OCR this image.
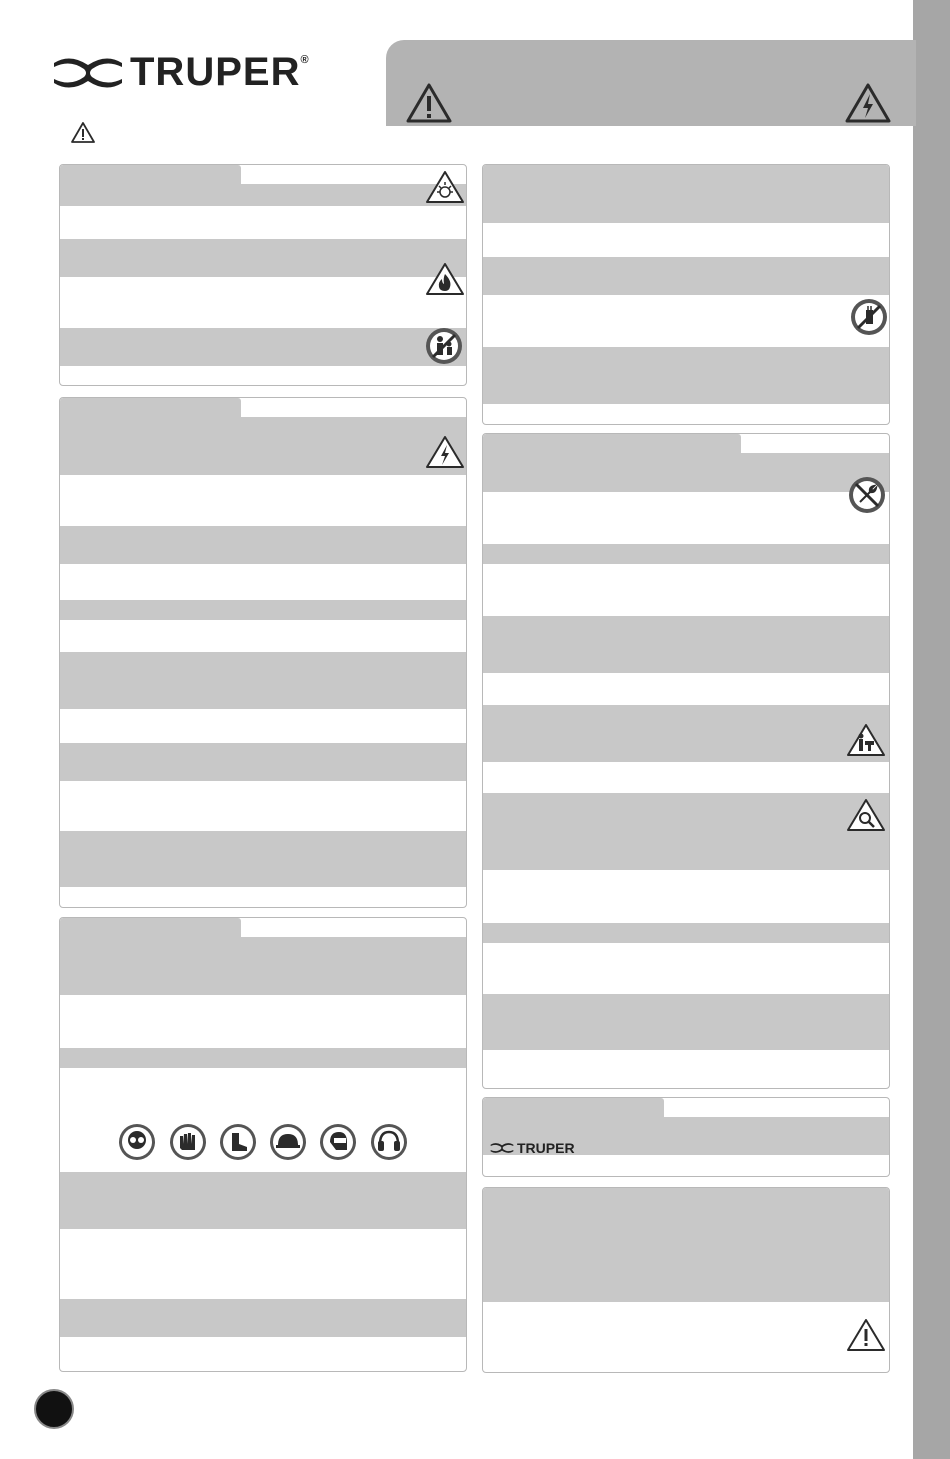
TRUPER®
TRUPER
